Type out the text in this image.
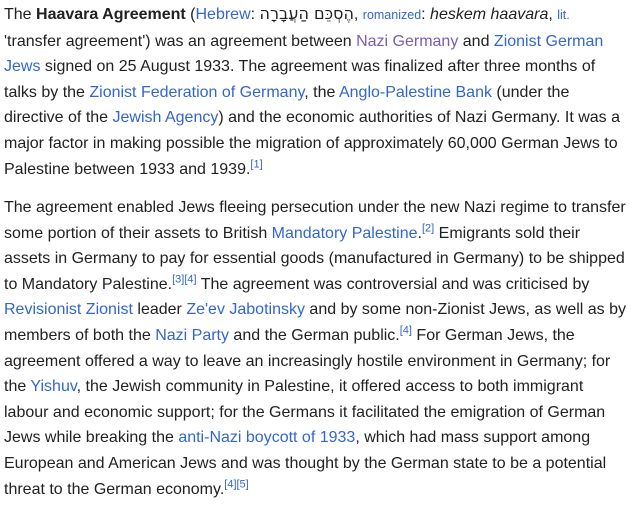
The Haavara Agreement (Hebrew: הֶסְכֵּם הַעֲבָרָה, romanized: heskem haavara, lit. 'transfer agreement') was an agreement between Nazi Germany and Zionist German Jews signed on 25 August 1933. The agreement was finalized after three months of talks by the Zionist Federation of Germany, the Anglo-Palestine Bank (under the directive of the Jewish Agency) and the economic authorities of Nazi Germany. It was a major factor in making possible the migration of approximately 60,000 German Jews to Palestine between 1933 and 1939.[1]

The agreement enabled Jews fleeing persecution under the new Nazi regime to transfer some portion of their assets to British Mandatory Palestine.[2] Emigrants sold their assets in Germany to pay for essential goods (manufactured in Germany) to be shipped to Mandatory Palestine.[3][4] The agreement was controversial and was criticised by Revisionist Zionist leader Ze'ev Jabotinsky and by some non-Zionist Jews, as well as by members of both the Nazi Party and the German public.[4] For German Jews, the agreement offered a way to leave an increasingly hostile environment in Germany; for the Yishuv, the Jewish community in Palestine, it offered access to both immigrant labour and economic support; for the Germans it facilitated the emigration of German Jews while breaking the anti-Nazi boycott of 1933, which had mass support among European and American Jews and was thought by the German state to be a potential threat to the German economy.[4][5]
